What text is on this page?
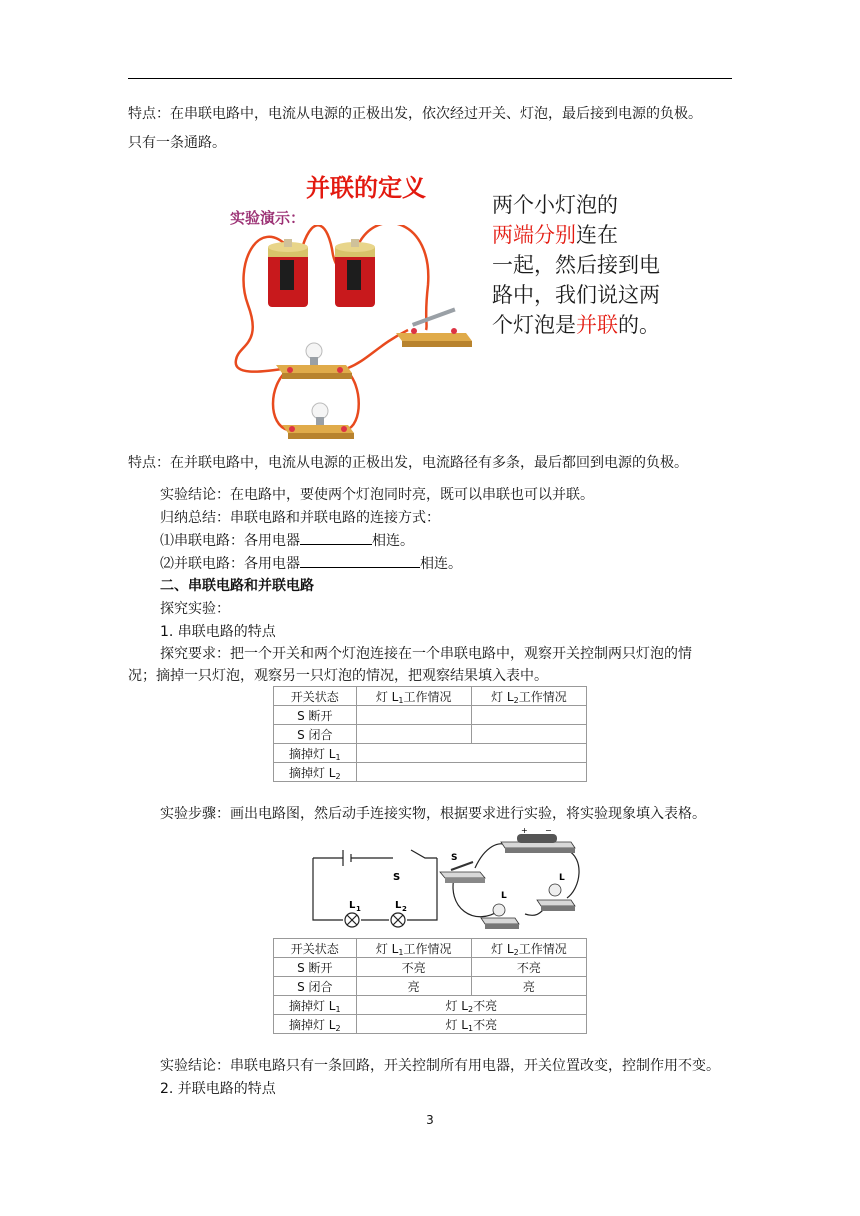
特点：在串联电路中，电流从电源的正极出发，依次经过开关、灯泡，最后接到电源的负极。
只有一条通路。
并联的定义
实验演示：
两个小灯泡的
两端分别连在
一起，然后接到电路中，我们说这两个灯泡是并联的。
特点：在并联电路中，电流从电源的正极出发，电流路径有多条，最后都回到电源的负极。
实验结论：在电路中，要使两个灯泡同时亮，既可以串联也可以并联。
归纳总结：串联电路和并联电路的连接方式：
⑴串联电路：各用电器	相连。
⑵并联电路：各用电器	相连。
二、串联电路和并联电路
探究实验：
1. 串联电路的特点
探究要求：把一个开关和两个灯泡连接在一个串联电路中，观察开关控制两只灯泡的情
况；摘掉一只灯泡，观察另一只灯泡的情况，把观察结果填入表中。
开关状态	灯 $L_1$工作情况	灯 $L_2$工作情况
S 断开		
S 闭合		
摘掉灯 $L_1$	
摘掉灯 $L_2$	
实验步骤：画出电路图，然后动手连接实物，根据要求进行实验，将实验现象填入表格。
S
L 1	L 2
S
+ −
L
L
开关状态	灯 $L_1$工作情况	灯 $L_2$工作情况
S 断开	不亮	不亮
S 闭合	亮	亮
摘掉灯 $L_1$	灯 $L_2$不亮	
摘掉灯 $L_2$	灯 $L_1$不亮	
实验结论：串联电路只有一条回路，开关控制所有用电器，开关位置改变，控制作用不变。
2. 并联电路的特点
3
